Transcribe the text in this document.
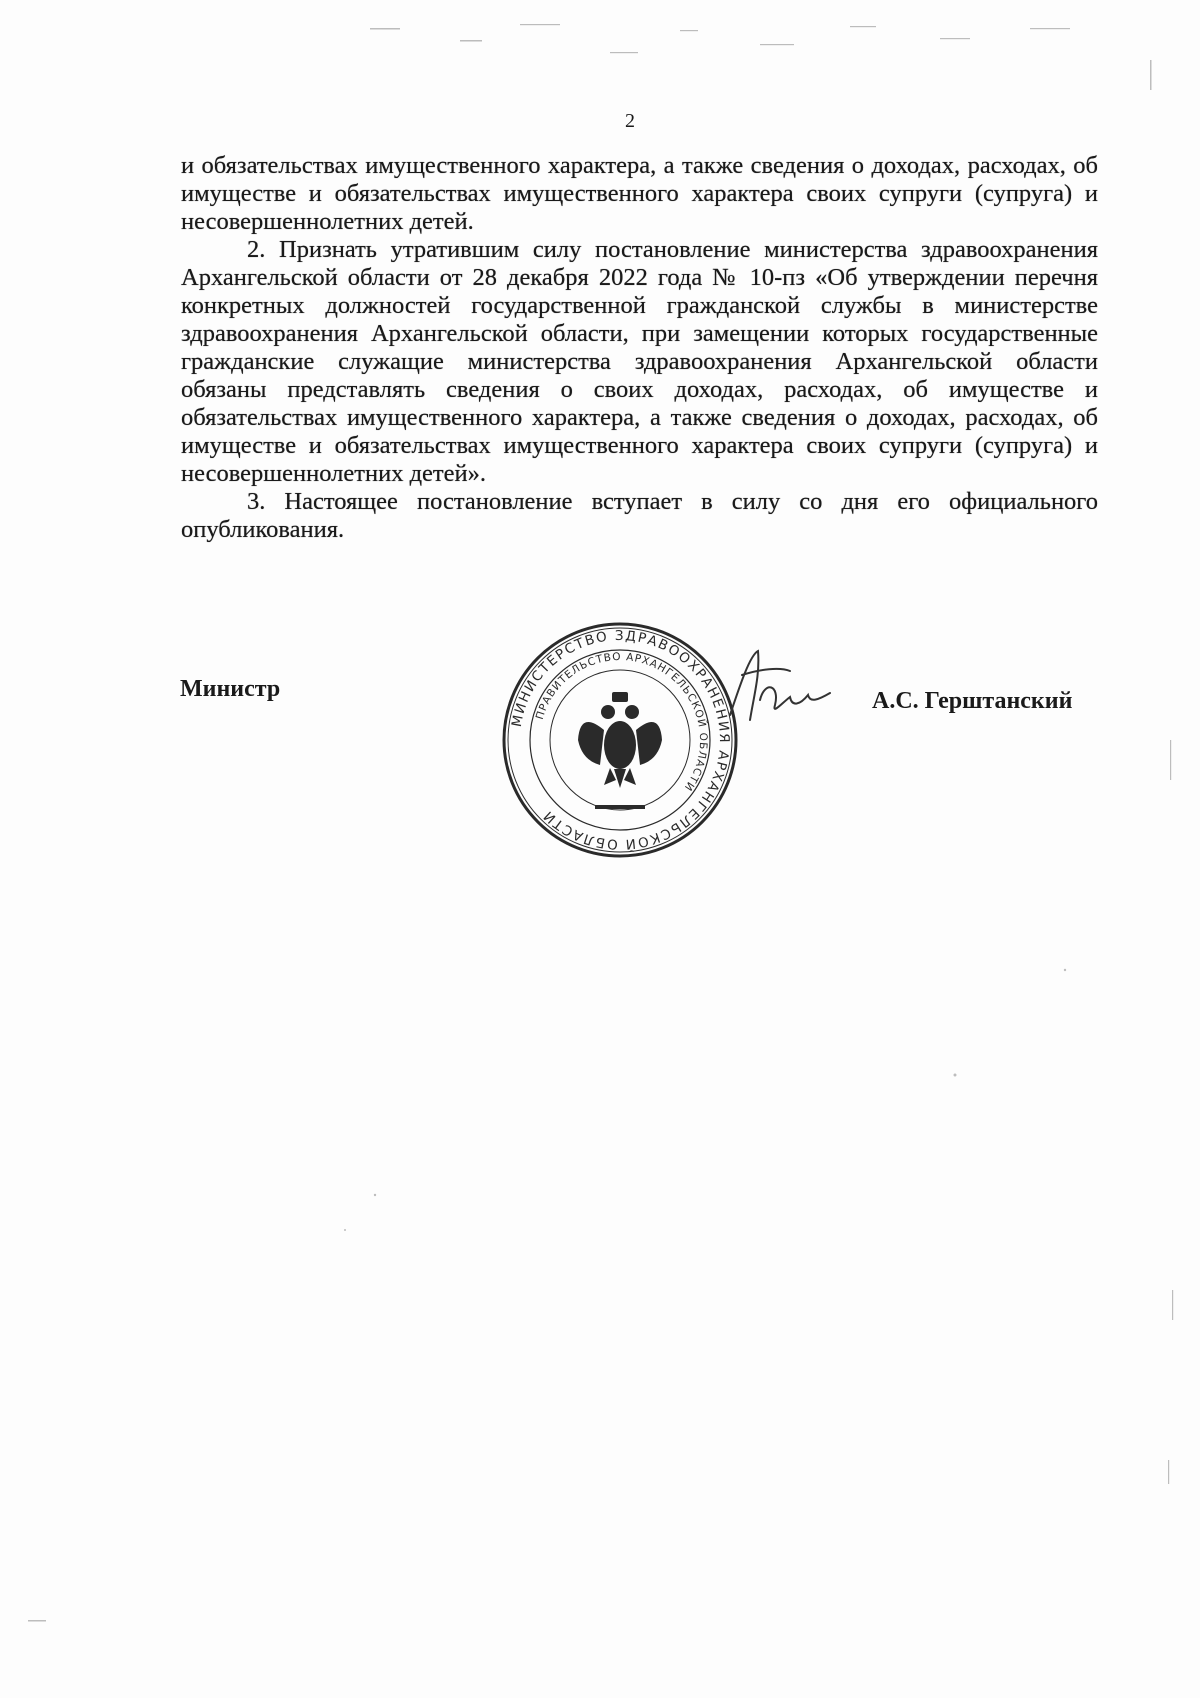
2

и обязательствах имущественного характера, а также сведения о доходах, расходах, об имуществе и обязательствах имущественного характера своих супруги (супруга) и несовершеннолетних детей.

2. Признать утратившим силу постановление министерства здравоохранения Архангельской области от 28 декабря 2022 года № 10-пз «Об утверждении перечня конкретных должностей государственной гражданской службы в министерстве здравоохранения Архангельской области, при замещении которых государственные гражданские служащие министерства здравоохранения Архангельской области обязаны представлять сведения о своих доходах, расходах, об имуществе и обязательствах имущественного характера, а также сведения о доходах, расходах, об имуществе и обязательствах имущественного характера своих супруги (супруга) и несовершеннолетних детей».

3. Настоящее постановление вступает в силу со дня его официального опубликования.

Министр
МИНИСТЕРСТВО ЗДРАВООХРАНЕНИЯ АРХАНГЕЛЬСКОЙ ОБЛАСТИ
ПРАВИТЕЛЬСТВО АРХАНГЕЛЬСКОЙ ОБЛАСТИ
А.С. Герштанский
